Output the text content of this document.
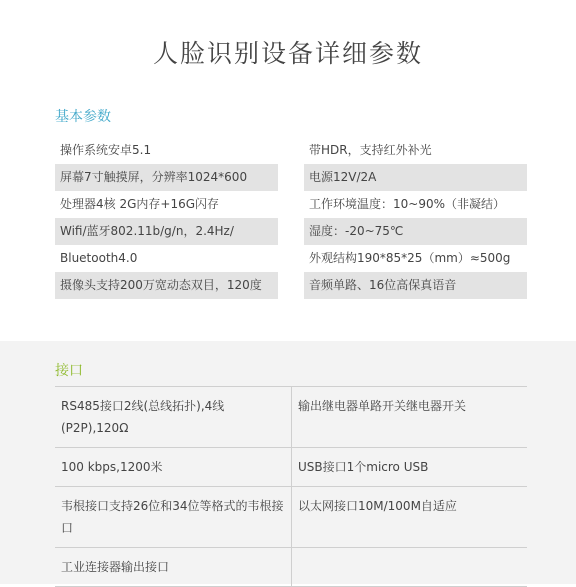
人脸识别设备详细参数
基本参数
操作系统安卓5.1	带HDR，支持红外补光
屏幕7寸触摸屏，分辨率1024*600	电源12V/2A
处理器4核 2G内存+16G闪存	工作环境温度：10~90%（非凝结）
Wifi/蓝牙802.11b/g/n，2.4Hz/	湿度：-20~75℃
Bluetooth4.0	外观结构190*85*25（mm）≈500g
摄像头支持200万宽动态双目，120度	音频单路、16位高保真语音
接口
RS485接口2线(总线拓扑),4线(P2P),120Ω	输出继电器单路开关继电器开关
100 kbps,1200米	USB接口1个micro USB
韦根接口支持26位和34位等格式的韦根接口	以太网接口10M/100M自适应
工业连接器输出接口	
